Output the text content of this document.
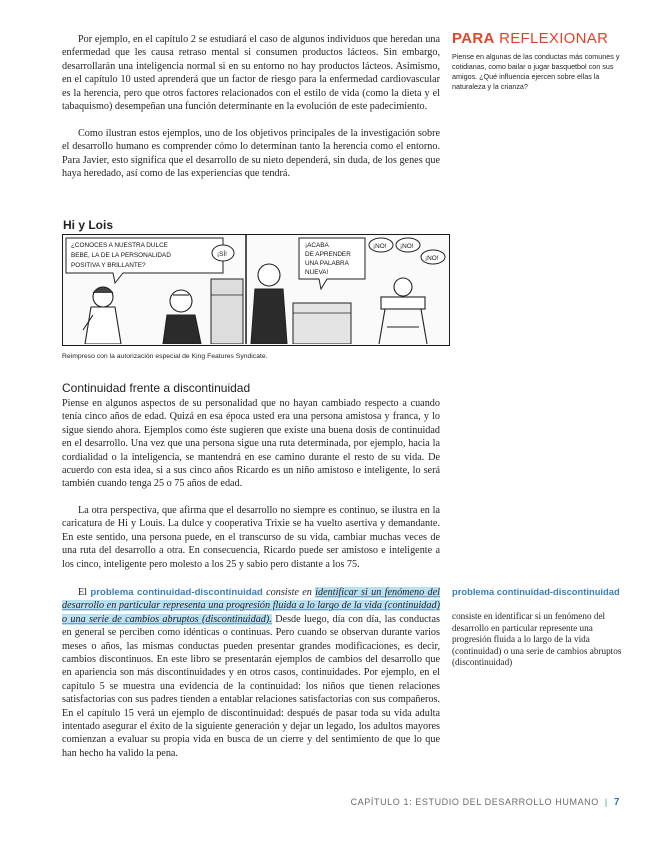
Por ejemplo, en el capítulo 2 se estudiará el caso de algunos individuos que heredan una enfermedad que les causa retraso mental si consumen productos lácteos. Sin embargo, desarrollarán una inteligencia normal si en su entorno no hay productos lácteos. Asimismo, en el capítulo 10 usted aprenderá que un factor de riesgo para la enfermedad cardiovascular es la herencia, pero que otros factores relacionados con el estilo de vida (como la dieta y el tabaquismo) desempeñan una función determinante en la evolución de este padecimiento.

Como ilustran estos ejemplos, uno de los objetivos principales de la investigación sobre el desarrollo humano es comprender cómo lo determinan tanto la herencia como el entorno. Para Javier, esto significa que el desarrollo de su nieto dependerá, sin duda, de los genes que haya heredado, así como de las experiencias que tendrá.

PARA REFLEXIONAR

Piense en algunas de las conductas más comunes y cotidianas, como bailar o jugar basquetbol con sus amigos. ¿Qué influencia ejercen sobre ellas la naturaleza y la crianza?

Hi y Lois
¿CONOCES A NUESTRA DULCE
BEBE, LA DE LA PERSONALIDAD
POSITIVA Y BRILLANTE?
¡SÍ!
¡ACABA
DE APRENDER
UNA PALABRA
NUEVA!
¡NO! ¡NO!
¡NO!
Reimpreso con la autorización especial de King Features Syndicate.
Continuidad frente a discontinuidad

Piense en algunos aspectos de su personalidad que no hayan cambiado respecto a cuando tenía cinco años de edad. Quizá en esa época usted era una persona amistosa y franca, y lo sigue siendo ahora. Ejemplos como éste sugieren que existe una buena dosis de continuidad en el desarrollo. Una vez que una persona sigue una ruta determinada, por ejemplo, hacia la cordialidad o la inteligencia, se mantendrá en ese camino durante el resto de su vida. De acuerdo con esta idea, si a sus cinco años Ricardo es un niño amistoso e inteligente, lo será también cuando tenga 25 o 75 años de edad.

La otra perspectiva, que afirma que el desarrollo no siempre es continuo, se ilustra en la caricatura de Hi y Louis. La dulce y cooperativa Trixie se ha vuelto asertiva y demandante. En este sentido, una persona puede, en el transcurso de su vida, cambiar muchas veces de una ruta del desarrollo a otra. En consecuencia, Ricardo puede ser amistoso e inteligente a los cinco, inteligente pero molesto a los 25 y sabio pero distante a los 75.

El problema continuidad-discontinuidad consiste en identificar si un fenómeno del desarrollo en particular representa una progresión fluida a lo largo de la vida (continuidad) o una serie de cambios abruptos (discontinuidad). Desde luego, día con día, las conductas en general se perciben como idénticas o continuas. Pero cuando se observan durante varios meses o años, las mismas conductas pueden presentar grandes modificaciones, es decir, cambios discontinuos. En este libro se presentarán ejemplos de cambios del desarrollo que en apariencia son más discontinuidades y en otros casos, continuidades. Por ejemplo, en el capítulo 5 se muestra una evidencia de la continuidad: los niños que tienen relaciones satisfactorias con sus padres tienden a entablar relaciones satisfactorias con sus compañeros. En el capítulo 15 verá un ejemplo de discontinuidad: después de pasar toda su vida adulta intentado asegurar el éxito de la siguiente generación y dejar un legado, los adultos mayores comienzan a evaluar su propia vida en busca de un cierre y del sentimiento de que lo que han hecho ha valido la pena.

problema continuidad-discontinuidad

consiste en identificar si un fenómeno del desarrollo en particular represente una progresión fluida a lo largo de la vida (continuidad) o una serie de cambios abruptos (discontinuidad)

CAPÍTULO 1: ESTUDIO DEL DESARROLLO HUMANO | 7
